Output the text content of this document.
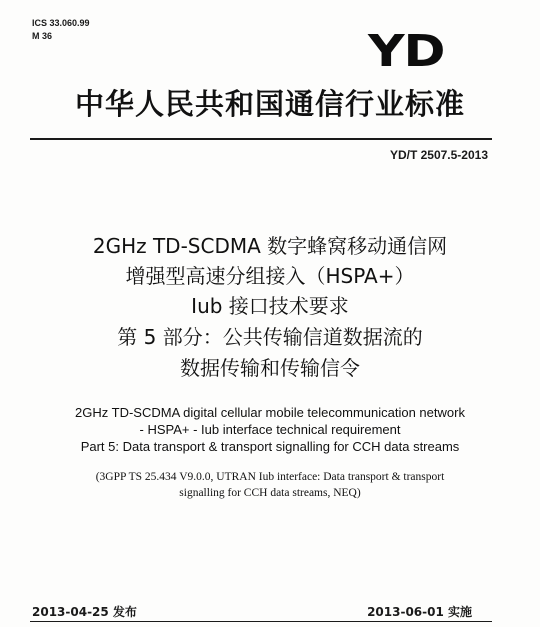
ICS 33.060.99
M 36	YD
中华人民共和国通信行业标准
YD/T 2507.5-2013
2GHz TD-SCDMA 数字蜂窝移动通信网
增强型高速分组接入（HSPA+）
Iub 接口技术要求
第 5 部分：公共传输信道数据流的
数据传输和传输信令
2GHz TD-SCDMA digital cellular mobile telecommunication network
- HSPA+ - Iub interface technical requirement
Part 5: Data transport & transport signalling for CCH data streams
(3GPP TS 25.434 V9.0.0, UTRAN Iub interface: Data transport & transport
signalling for CCH data streams, NEQ)
2013-04-25 发布	2013-06-01 实施
